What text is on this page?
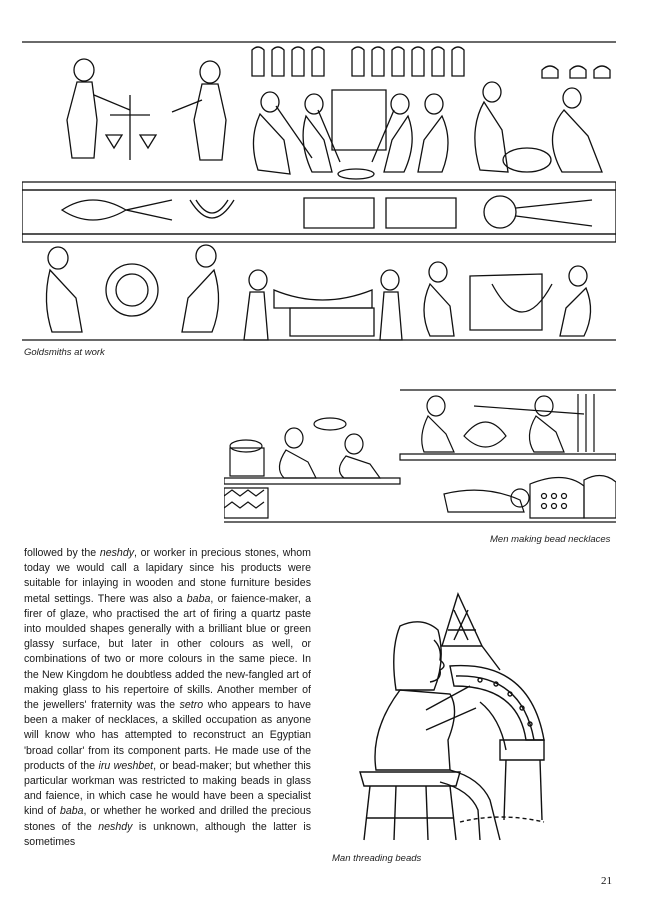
Goldsmiths at work
Men making bead necklaces
followed by the neshdy, or worker in precious stones, whom today we would call a lapidary since his products were suitable for inlaying in wooden and stone furniture besides metal settings. There was also a baba, or faience-maker, a firer of glaze, who practised the art of firing a quartz paste into moulded shapes generally with a brilliant blue or green glassy surface, but later in other colours as well, or combinations of two or more colours in the same piece. In the New Kingdom he doubtless added the new-fangled art of making glass to his repertoire of skills. Another member of the jewellers' fraternity was the setro who appears to have been a maker of necklaces, a skilled occupation as anyone will know who has attempted to reconstruct an Egyptian 'broad collar' from its component parts. He made use of the products of the iru weshbet, or bead-maker; but whether this particular workman was restricted to making beads in glass and faience, in which case he would have been a specialist kind of baba, or whether he worked and drilled the precious stones of the neshdy is unknown, although the latter is sometimes
Man threading beads
21
